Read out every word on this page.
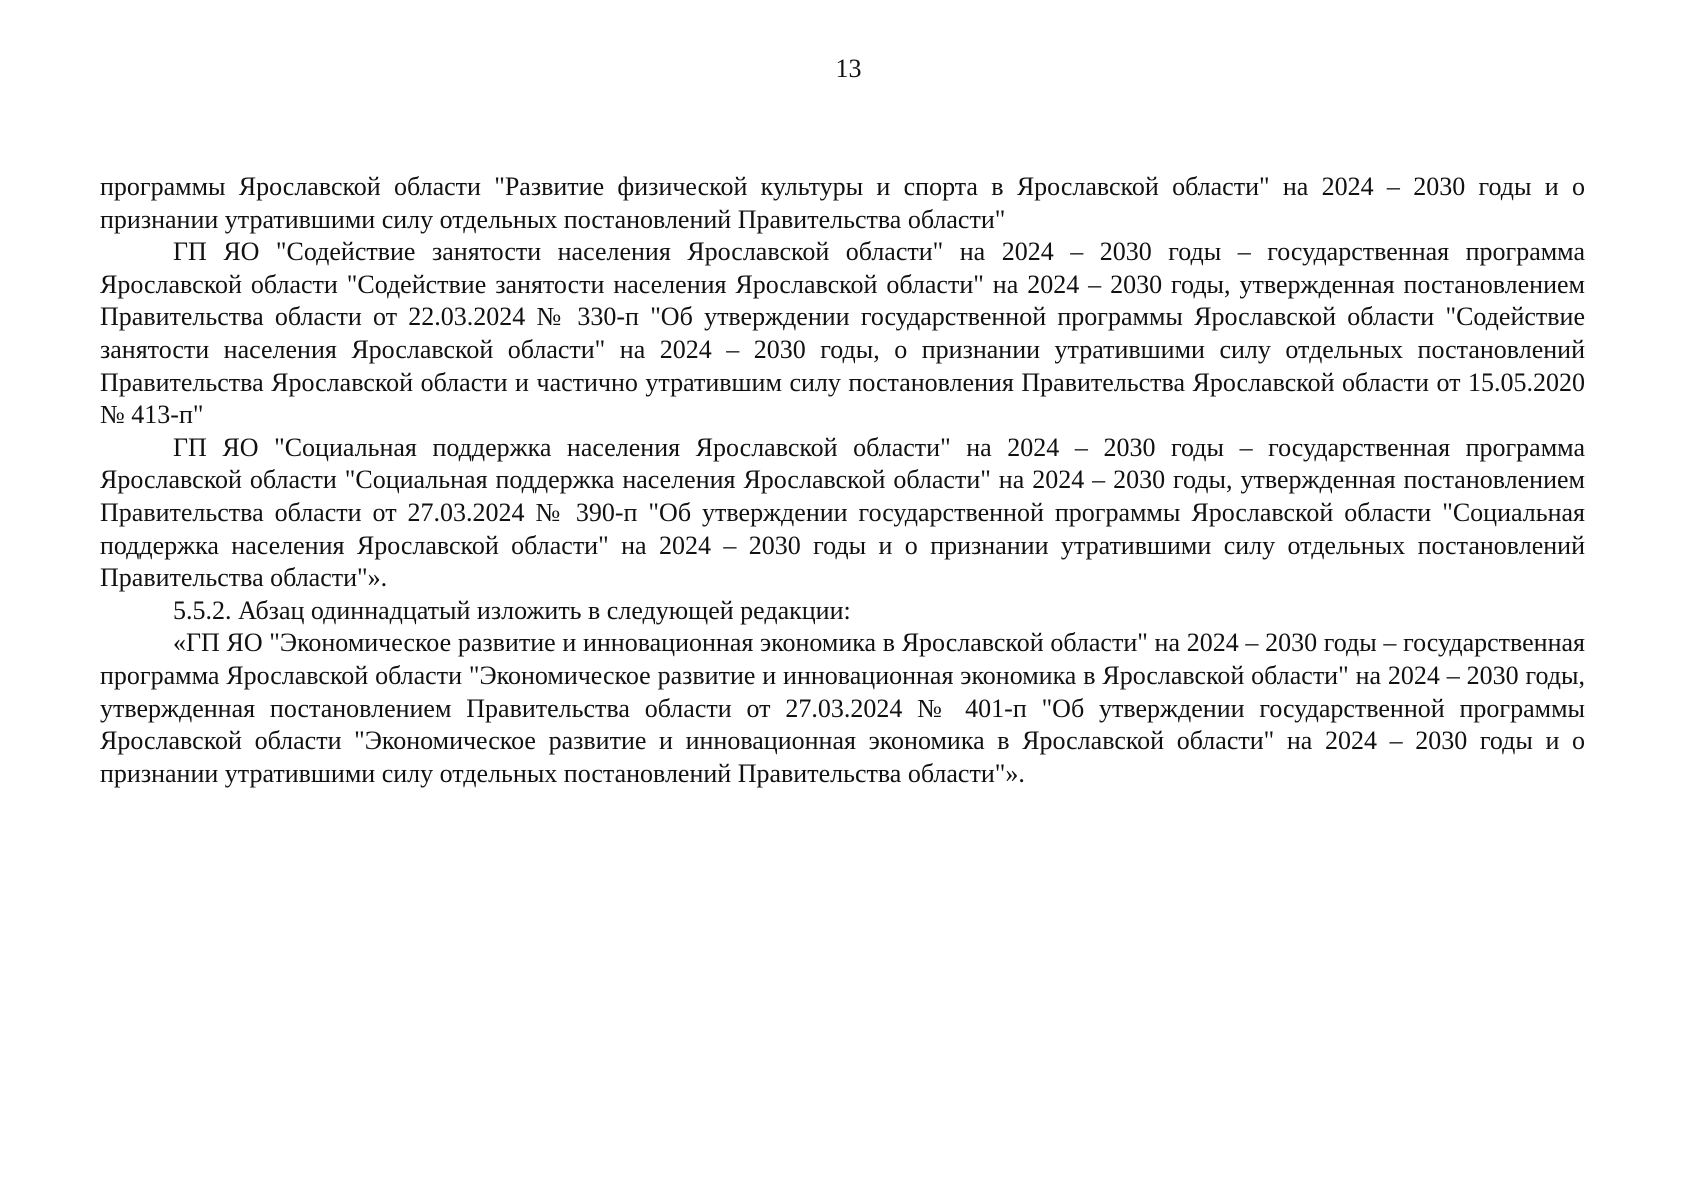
13

программы Ярославской области "Развитие физической культуры и спорта в Ярославской области" на 2024 – 2030 годы и о признании утратившими силу отдельных постановлений Правительства области"

ГП ЯО "Содействие занятости населения Ярославской области" на 2024 – 2030 годы – государственная программа Ярославской области "Содействие занятости населения Ярославской области" на 2024 – 2030 годы, утвержденная постановлением Правительства области от 22.03.2024 № 330-п "Об утверждении государственной программы Ярославской области "Содействие занятости населения Ярославской области" на 2024 – 2030 годы, о признании утратившими силу отдельных постановлений Правительства Ярославской области и частично утратившим силу постановления Правительства Ярославской области от 15.05.2020 № 413-п"

ГП ЯО "Социальная поддержка населения Ярославской области" на 2024 – 2030 годы – государственная программа Ярославской области "Социальная поддержка населения Ярославской области" на 2024 – 2030 годы, утвержденная постановлением Правительства области от 27.03.2024 № 390-п "Об утверждении государственной программы Ярославской области "Социальная поддержка населения Ярославской области" на 2024 – 2030 годы и о признании утратившими силу отдельных постановлений Правительства области"».

5.5.2. Абзац одиннадцатый изложить в следующей редакции:

«ГП ЯО "Экономическое развитие и инновационная экономика в Ярославской области" на 2024 – 2030 годы – государственная программа Ярославской области "Экономическое развитие и инновационная экономика в Ярославской области" на 2024 – 2030 годы, утвержденная постановлением Правительства области от 27.03.2024 № 401-п "Об утверждении государственной программы Ярославской области "Экономическое развитие и инновационная экономика в Ярославской области" на 2024 – 2030 годы и о признании утратившими силу отдельных постановлений Правительства области"».
